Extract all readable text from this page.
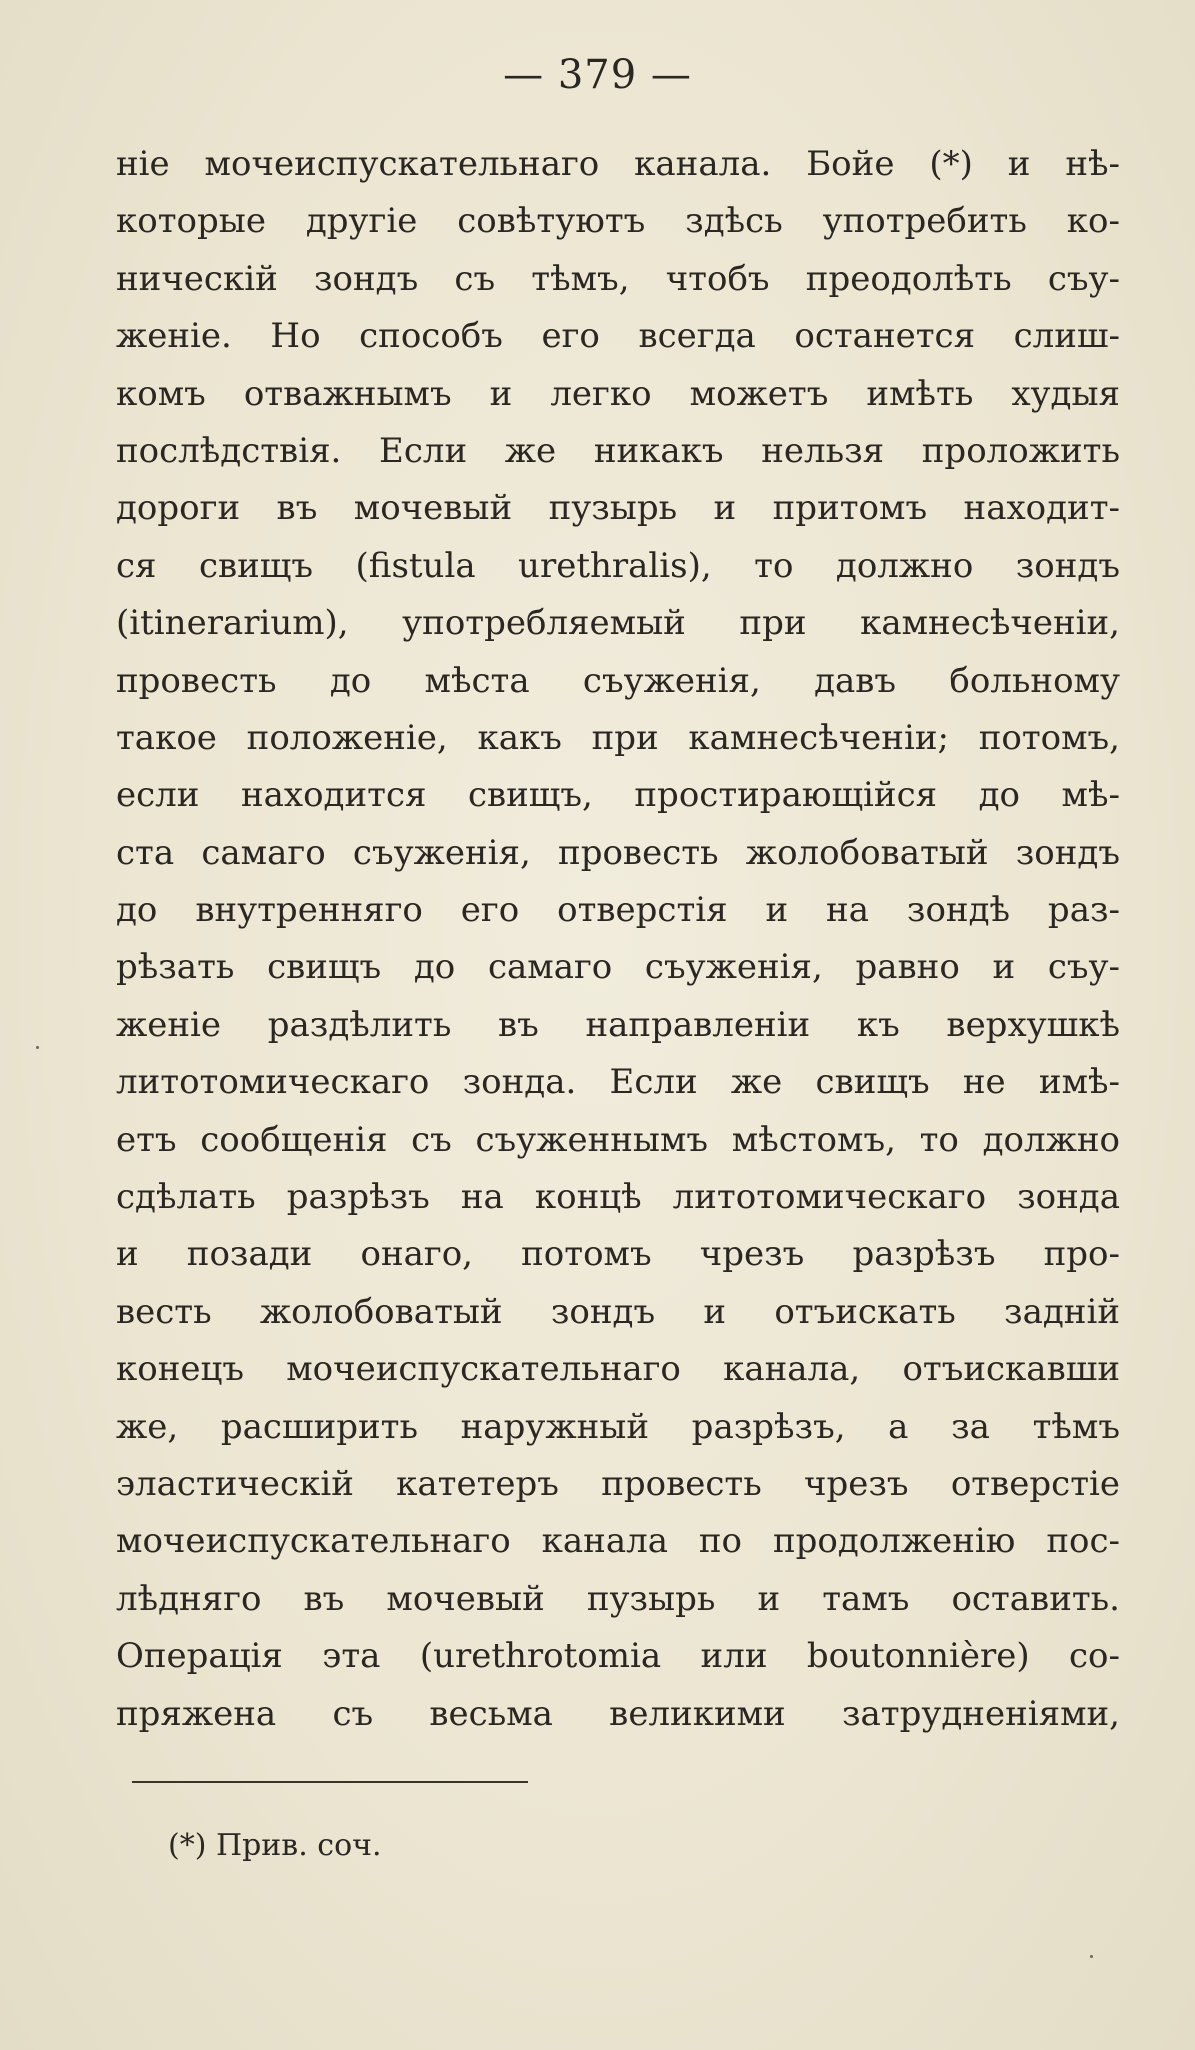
— 379 —
ніе мочеиспускательнаго канала. Бойе (*) и нѣ-
которые другіе совѣтуютъ здѣсь употребить ко-
ническій зондъ съ тѣмъ, чтобъ преодолѣть съу-
женіе. Но способъ его всегда останется слиш-
комъ отважнымъ и легко можетъ имѣть худыя
послѣдствія. Если же никакъ нельзя проложить
дороги въ мочевый пузырь и притомъ находит-
ся свищъ (fistula urethralis), то должно зондъ
(itinerarium), употребляемый при камнесѣченіи,
провесть до мѣста съуженія, давъ больному
такое положеніе, какъ при камнесѣченіи; потомъ,
если находится свищъ, простирающійся до мѣ-
ста самаго съуженія, провесть жолобоватый зондъ
до внутренняго его отверстія и на зондѣ раз-
рѣзать свищъ до самаго съуженія, равно и съу-
женіе раздѣлить въ направленіи къ верхушкѣ
литотомическаго зонда. Если же свищъ не имѣ-
етъ сообщенія съ съуженнымъ мѣстомъ, то должно
сдѣлать разрѣзъ на концѣ литотомическаго зонда
и позади онаго, потомъ чрезъ разрѣзъ про-
весть жолобоватый зондъ и отъискать задній
конецъ мочеиспускательнаго канала, отъискавши
же, расширить наружный разрѣзъ, а за тѣмъ
эластическій катетеръ провесть чрезъ отверстіе
мочеиспускательнаго канала по продолженію пос-
лѣдняго въ мочевый пузырь и тамъ оставить.
Операція эта (urethrotomia или boutonnière) со-
пряжена съ весьма великими затрудненіями,
(*) Прив. соч.
